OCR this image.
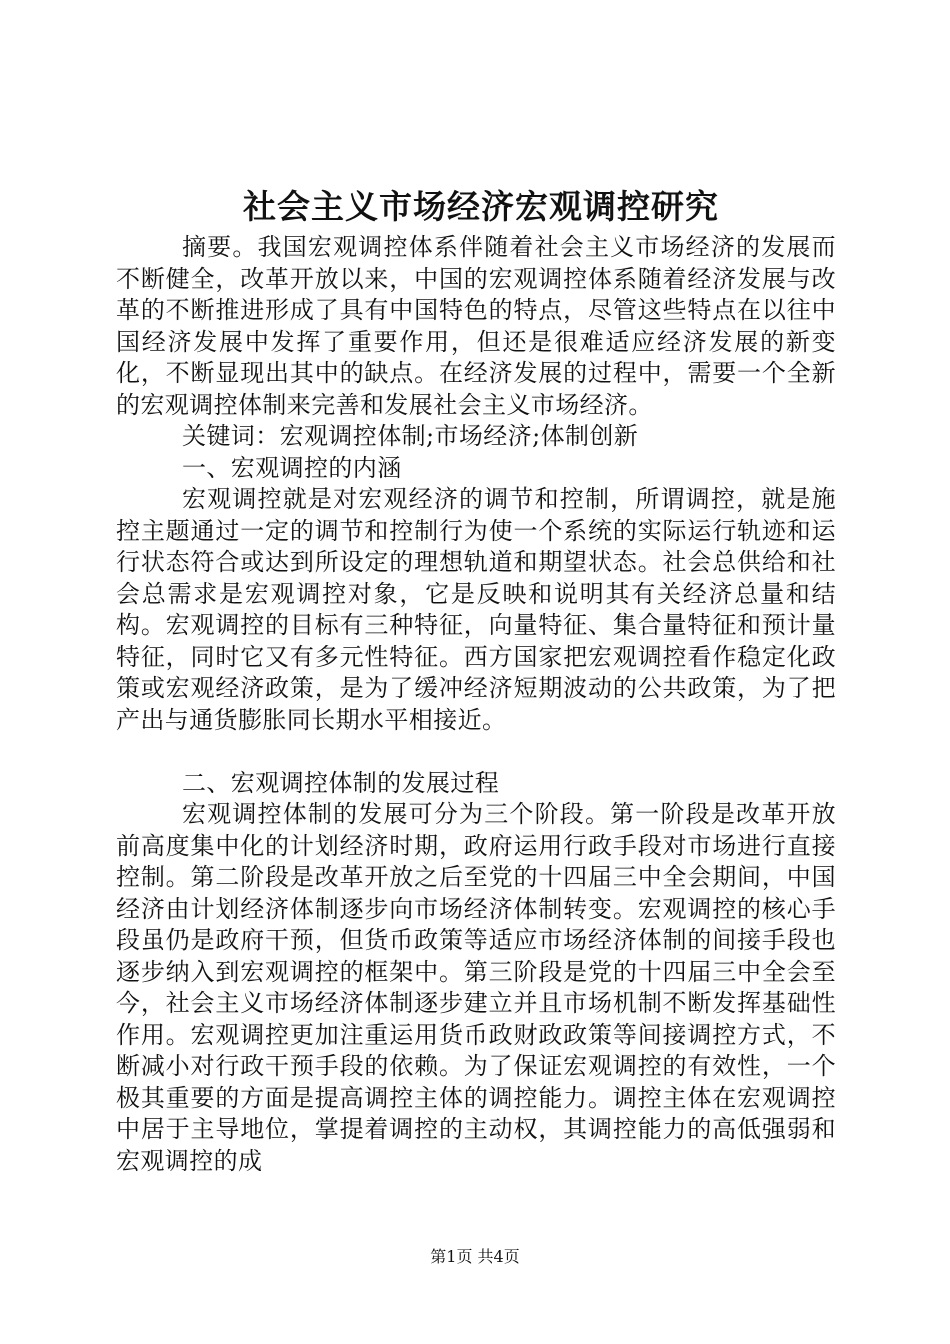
社会主义市场经济宏观调控研究

摘要。我国宏观调控体系伴随着社会主义市场经济的发展而不断健全，改革开放以来，中国的宏观调控体系随着经济发展与改革的不断推进形成了具有中国特色的特点，尽管这些特点在以往中国经济发展中发挥了重要作用，但还是很难适应经济发展的新变化，不断显现出其中的缺点。在经济发展的过程中，需要一个全新的宏观调控体制来完善和发展社会主义市场经济。

关键词：宏观调控体制;市场经济;体制创新

一、宏观调控的内涵

宏观调控就是对宏观经济的调节和控制，所谓调控，就是施控主题通过一定的调节和控制行为使一个系统的实际运行轨迹和运行状态符合或达到所设定的理想轨道和期望状态。社会总供给和社会总需求是宏观调控对象，它是反映和说明其有关经济总量和结构。宏观调控的目标有三种特征，向量特征、集合量特征和预计量特征，同时它又有多元性特征。西方国家把宏观调控看作稳定化政策或宏观经济政策，是为了缓冲经济短期波动的公共政策，为了把产出与通货膨胀同长期水平相接近。

二、宏观调控体制的发展过程

宏观调控体制的发展可分为三个阶段。第一阶段是改革开放前高度集中化的计划经济时期，政府运用行政手段对市场进行直接控制。第二阶段是改革开放之后至党的十四届三中全会期间，中国经济由计划经济体制逐步向市场经济体制转变。宏观调控的核心手段虽仍是政府干预，但货币政策等适应市场经济体制的间接手段也逐步纳入到宏观调控的框架中。第三阶段是党的十四届三中全会至今，社会主义市场经济体制逐步建立并且市场机制不断发挥基础性作用。宏观调控更加注重运用货币政财政政策等间接调控方式，不断减小对行政干预手段的依赖。为了保证宏观调控的有效性，一个极其重要的方面是提高调控主体的调控能力。调控主体在宏观调控中居于主导地位，掌提着调控的主动权，其调控能力的高低强弱和宏观调控的成

第1页 共4页
